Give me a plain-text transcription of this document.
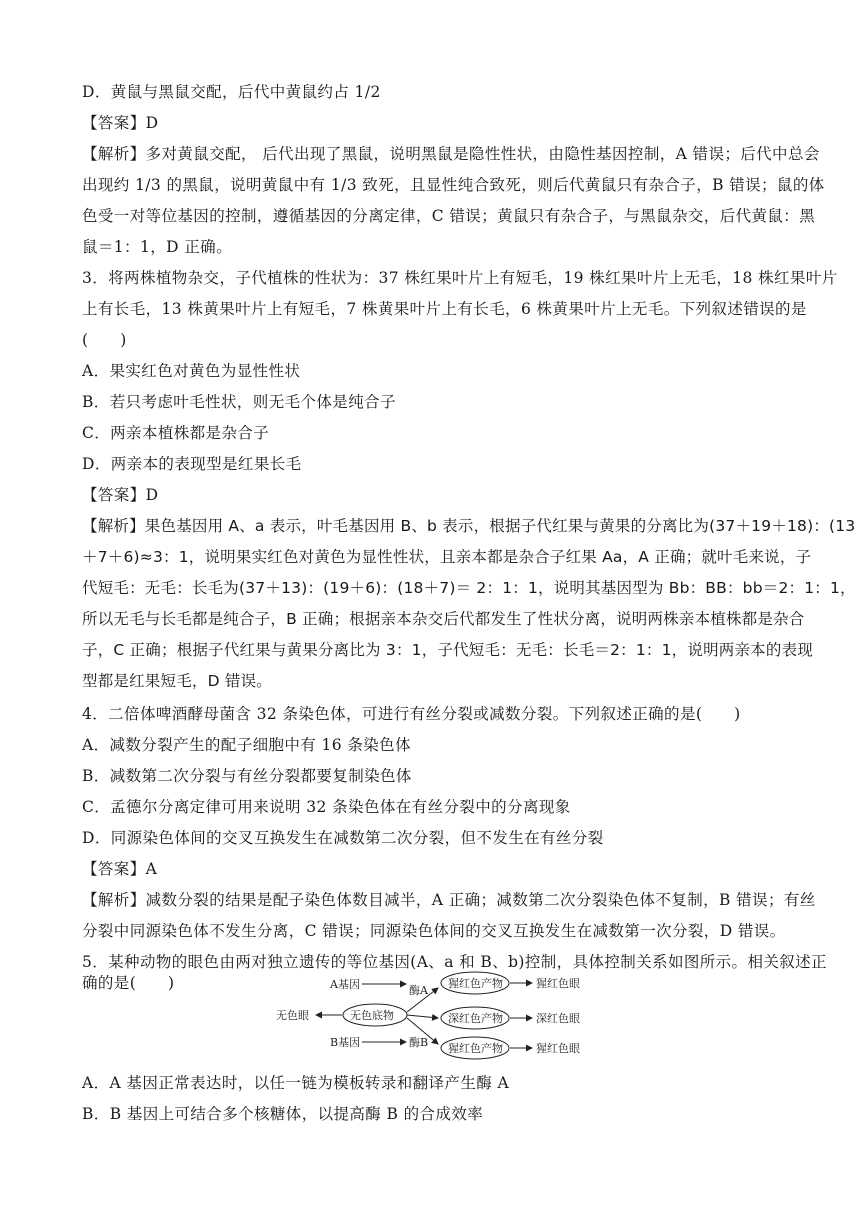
D．黄鼠与黑鼠交配，后代中黄鼠约占 1/2
【答案】D
【解析】多对黄鼠交配， 后代出现了黑鼠，说明黑鼠是隐性性状，由隐性基因控制，A 错误；后代中总会
出现约 1/3 的黑鼠，说明黄鼠中有 1/3 致死，且显性纯合致死，则后代黄鼠只有杂合子，B 错误；鼠的体
色受一对等位基因的控制，遵循基因的分离定律，C 错误；黄鼠只有杂合子，与黑鼠杂交，后代黄鼠：黑
鼠＝1：1，D 正确。
3．将两株植物杂交，子代植株的性状为：37 株红果叶片上有短毛，19 株红果叶片上无毛，18 株红果叶片
上有长毛，13 株黄果叶片上有短毛，7 株黄果叶片上有长毛，6 株黄果叶片上无毛。下列叙述错误的是
(　　)
A．果实红色对黄色为显性性状
B．若只考虑叶毛性状，则无毛个体是纯合子
C．两亲本植株都是杂合子
D．两亲本的表现型是红果长毛
【答案】D
【解析】果色基因用 A、a 表示，叶毛基因用 B、b 表示，根据子代红果与黄果的分离比为(37＋19＋18)：(13
＋7＋6)≈3：1，说明果实红色对黄色为显性性状，且亲本都是杂合子红果 Aa，A 正确；就叶毛来说，子
代短毛：无毛：长毛为(37＋13)：(19＋6)：(18＋7)＝ 2：1：1，说明其基因型为 Bb：BB：bb＝2：1：1，
所以无毛与长毛都是纯合子，B 正确；根据亲本杂交后代都发生了性状分离，说明两株亲本植株都是杂合
子，C 正确；根据子代红果与黄果分离比为 3：1，子代短毛：无毛：长毛＝2：1：1，说明两亲本的表现
型都是红果短毛，D 错误。
4．二倍体啤酒酵母菌含 32 条染色体，可进行有丝分裂或减数分裂。下列叙述正确的是(　　)
A．减数分裂产生的配子细胞中有 16 条染色体
B．减数第二次分裂与有丝分裂都要复制染色体
C．孟德尔分离定律可用来说明 32 条染色体在有丝分裂中的分离现象
D．同源染色体间的交叉互换发生在减数第二次分裂，但不发生在有丝分裂
【答案】A
【解析】减数分裂的结果是配子染色体数目减半，A 正确；减数第二次分裂染色体不复制，B 错误；有丝
分裂中同源染色体不发生分离，C 错误；同源染色体间的交叉互换发生在减数第一次分裂，D 错误。
5．某种动物的眼色由两对独立遗传的等位基因(A、a 和 B、b)控制，具体控制关系如图所示。相关叙述正
确的是(　　)	A基因	酶A
B基因	酶B
无色眼	无色底物
猩红色产物
深红色产物
猩红色产物
猩红色眼
深红色眼
猩红色眼
A．A 基因正常表达时，以任一链为模板转录和翻译产生酶 A
B．B 基因上可结合多个核糖体，以提高酶 B 的合成效率
